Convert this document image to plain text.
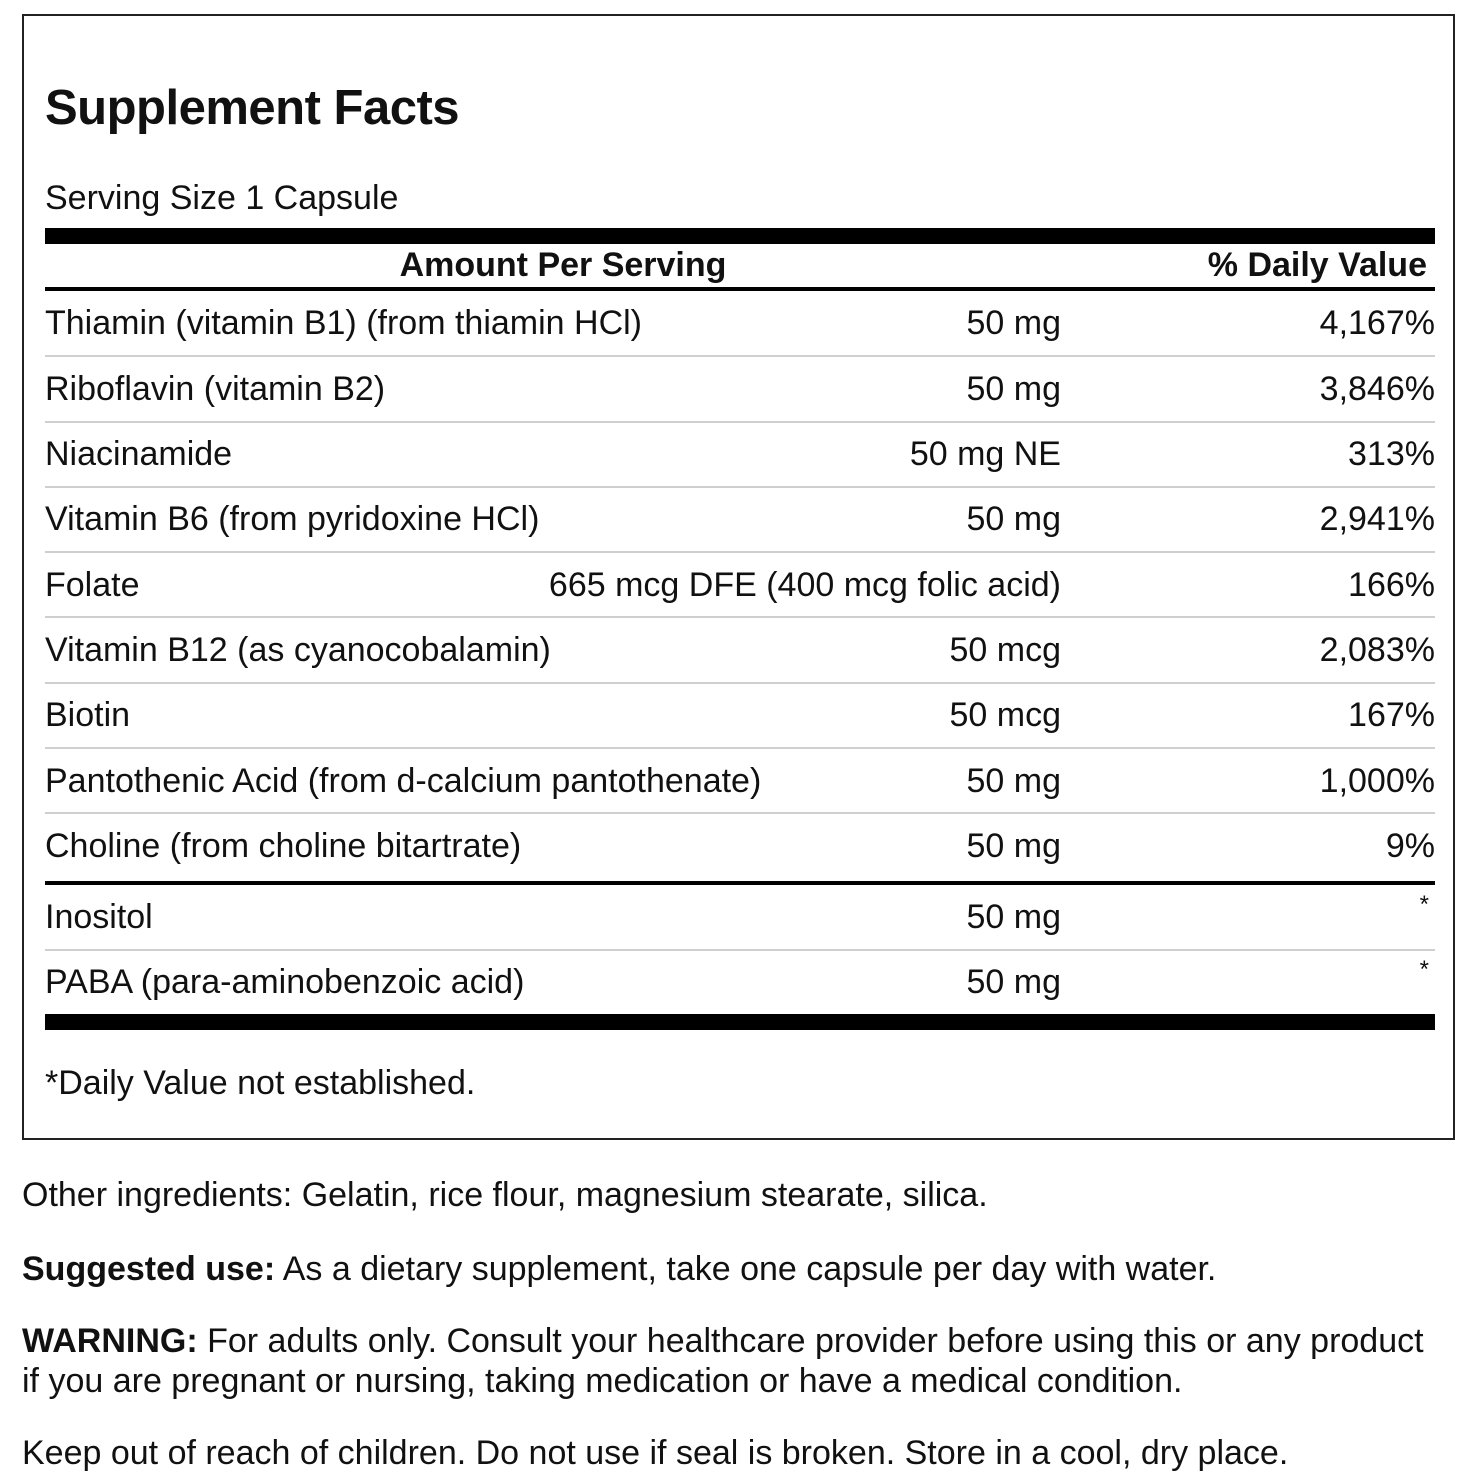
Supplement Facts
Serving Size 1 Capsule
Amount Per Serving	% Daily Value
Thiamin (vitamin B1) (from thiamin HCl)	50 mg	4,167%
Riboflavin (vitamin B2)	50 mg	3,846%
Niacinamide	50 mg NE	313%
Vitamin B6 (from pyridoxine HCl)	50 mg	2,941%
Folate	665 mcg DFE (400 mcg folic acid)	166%
Vitamin B12 (as cyanocobalamin)	50 mcg	2,083%
Biotin	50 mcg	167%
Pantothenic Acid (from d-calcium pantothenate)	50 mg	1,000%
Choline (from choline bitartrate)	50 mg	9%
Inositol	50 mg	*
PABA (para-aminobenzoic acid)	50 mg	*
*Daily Value not established.
Other ingredients: Gelatin, rice flour, magnesium stearate, silica.
Suggested use: As a dietary supplement, take one capsule per day with water.
WARNING: For adults only. Consult your healthcare provider before using this or any product if you are pregnant or nursing, taking medication or have a medical condition.
Keep out of reach of children. Do not use if seal is broken. Store in a cool, dry place.
